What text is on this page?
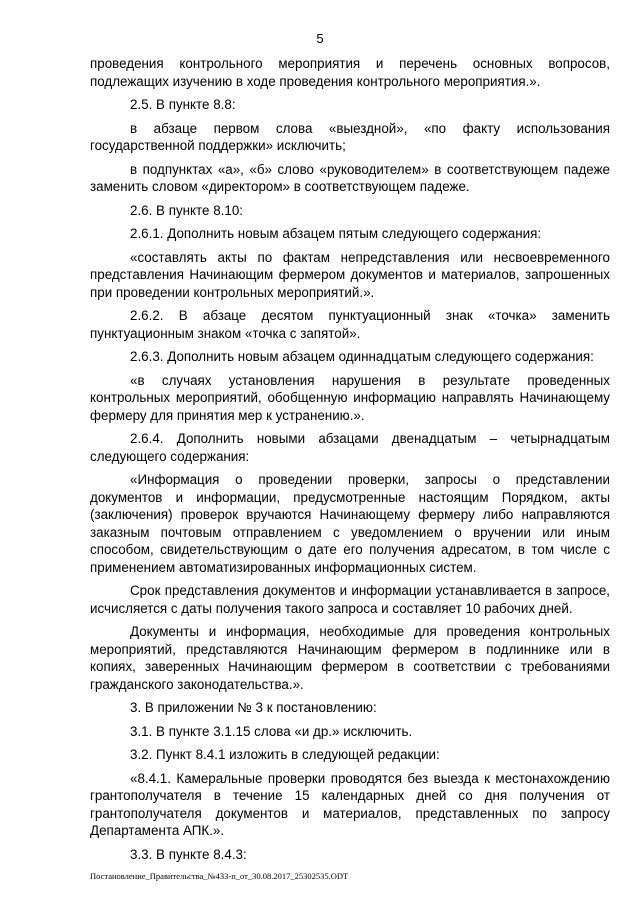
5

проведения контрольного мероприятия и перечень основных вопросов, подлежащих изучению в ходе проведения контрольного мероприятия.».

2.5. В пункте 8.8:

в абзаце первом слова «выездной», «по факту использования государственной поддержки» исключить;

в подпунктах «а», «б» слово «руководителем» в соответствующем падеже заменить словом «директором» в соответствующем падеже.

2.6. В пункте 8.10:

2.6.1. Дополнить новым абзацем пятым следующего содержания:

«составлять акты по фактам непредставления или несвоевременного представления Начинающим фермером документов и материалов, запрошенных при проведении контрольных мероприятий.».

2.6.2. В абзаце десятом пунктуационный знак «точка» заменить пунктуационным знаком «точка с запятой».

2.6.3. Дополнить новым абзацем одиннадцатым следующего содержания:

«в случаях установления нарушения в результате проведенных контрольных мероприятий, обобщенную информацию направлять Начинающему фермеру для принятия мер к устранению.».

2.6.4. Дополнить новыми абзацами двенадцатым – четырнадцатым следующего содержания:

«Информация о проведении проверки, запросы о представлении документов и информации, предусмотренные настоящим Порядком, акты (заключения) проверок вручаются Начинающему фермеру либо направляются заказным почтовым отправлением с уведомлением о вручении или иным способом, свидетельствующим о дате его получения адресатом, в том числе с применением автоматизированных информационных систем.

Срок представления документов и информации устанавливается в запросе, исчисляется с даты получения такого запроса и составляет 10 рабочих дней.

Документы и информация, необходимые для проведения контрольных мероприятий, представляются Начинающим фермером в подлиннике или в копиях, заверенных Начинающим фермером в соответствии с требованиями гражданского законодательства.».

3. В приложении № 3 к постановлению:

3.1. В пункте 3.1.15 слова «и др.» исключить.

3.2. Пункт 8.4.1 изложить в следующей редакции:

«8.4.1. Камеральные проверки проводятся без выезда к местонахождению грантополучателя в течение 15 календарных дней со дня получения от грантополучателя документов и материалов, представленных по запросу Департамента АПК.».

3.3. В пункте 8.4.3:

Постановление_Правительства_№433-п_от_30.08.2017_25302535.ODT
